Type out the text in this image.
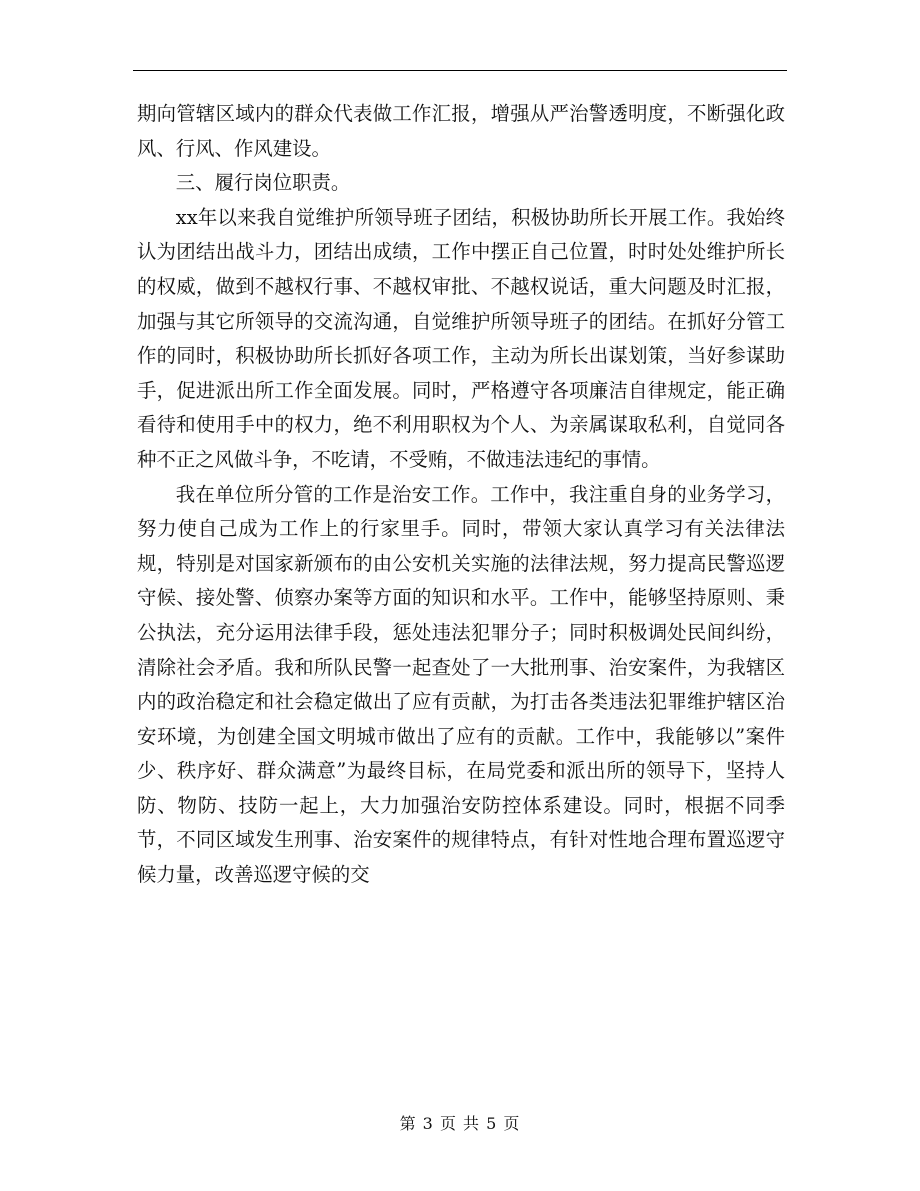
期向管辖区域内的群众代表做工作汇报，增强从严治警透明度，不断强化政风、行风、作风建设。

三、履行岗位职责。

xx年以来我自觉维护所领导班子团结，积极协助所长开展工作。我始终认为团结出战斗力，团结出成绩，工作中摆正自己位置，时时处处维护所长的权威，做到不越权行事、不越权审批、不越权说话，重大问题及时汇报，加强与其它所领导的交流沟通，自觉维护所领导班子的团结。在抓好分管工作的同时，积极协助所长抓好各项工作，主动为所长出谋划策，当好参谋助手，促进派出所工作全面发展。同时，严格遵守各项廉洁自律规定，能正确看待和使用手中的权力，绝不利用职权为个人、为亲属谋取私利，自觉同各种不正之风做斗争，不吃请，不受贿，不做违法违纪的事情。

我在单位所分管的工作是治安工作。工作中，我注重自身的业务学习，努力使自己成为工作上的行家里手。同时，带领大家认真学习有关法律法规，特别是对国家新颁布的由公安机关实施的法律法规，努力提高民警巡逻守候、接处警、侦察办案等方面的知识和水平。工作中，能够坚持原则、秉公执法，充分运用法律手段，惩处违法犯罪分子；同时积极调处民间纠纷，清除社会矛盾。我和所队民警一起查处了一大批刑事、治安案件，为我辖区内的政治稳定和社会稳定做出了应有贡献，为打击各类违法犯罪维护辖区治安环境，为创建全国文明城市做出了应有的贡献。工作中，我能够以”案件少、秩序好、群众满意”为最终目标，在局党委和派出所的领导下，坚持人防、物防、技防一起上，大力加强治安防控体系建设。同时，根据不同季节，不同区域发生刑事、治安案件的规律特点，有针对性地合理布置巡逻守候力量，改善巡逻守候的交

第 3 页 共 5 页
